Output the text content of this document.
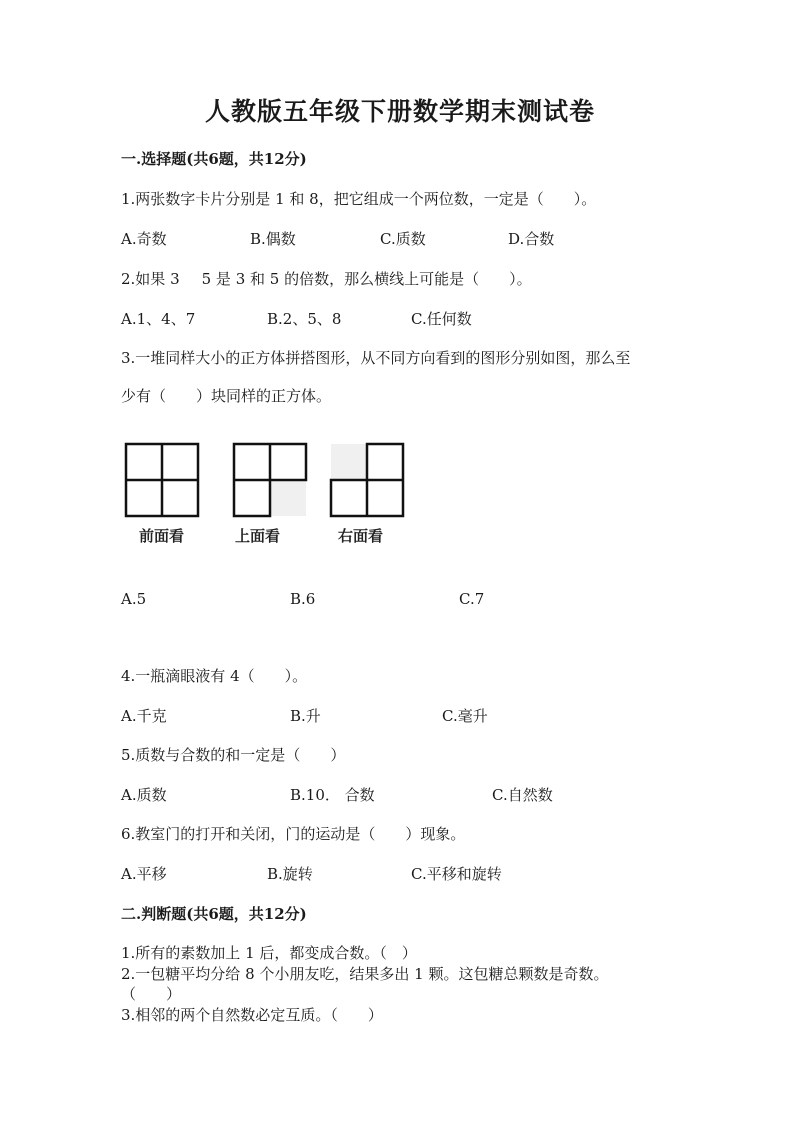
人教版五年级下册数学期末测试卷
一.选择题(共6题，共12分)
1.两张数字卡片分别是 1 和 8，把它组成一个两位数，一定是（　　）。
A.奇数	B.偶数	C.质数	D.合数
2.如果 3 5 是 3 和 5 的倍数，那么横线上可能是（　　）。
A.1、4、7	B.2、5、8	C.任何数
3.一堆同样大小的正方体拼搭图形，从不同方向看到的图形分别如图，那么至
少有（　　）块同样的正方体。
前面看	上面看	右面看
A.5	B.6	C.7
4.一瓶滴眼液有 4（　　）。
A.千克	B.升	C.毫升
5.质数与合数的和一定是（　　）
A.质数	B.10． 合数	C.自然数
6.教室门的打开和关闭，门的运动是（　　）现象。
A.平移	B.旋转	C.平移和旋转
二.判断题(共6题，共12分)
1.所有的素数加上 1 后，都变成合数。（　）
2.一包糖平均分给 8 个小朋友吃，结果多出 1 颗。这包糖总颗数是奇数。
（　　）
3.相邻的两个自然数必定互质。（　　）
